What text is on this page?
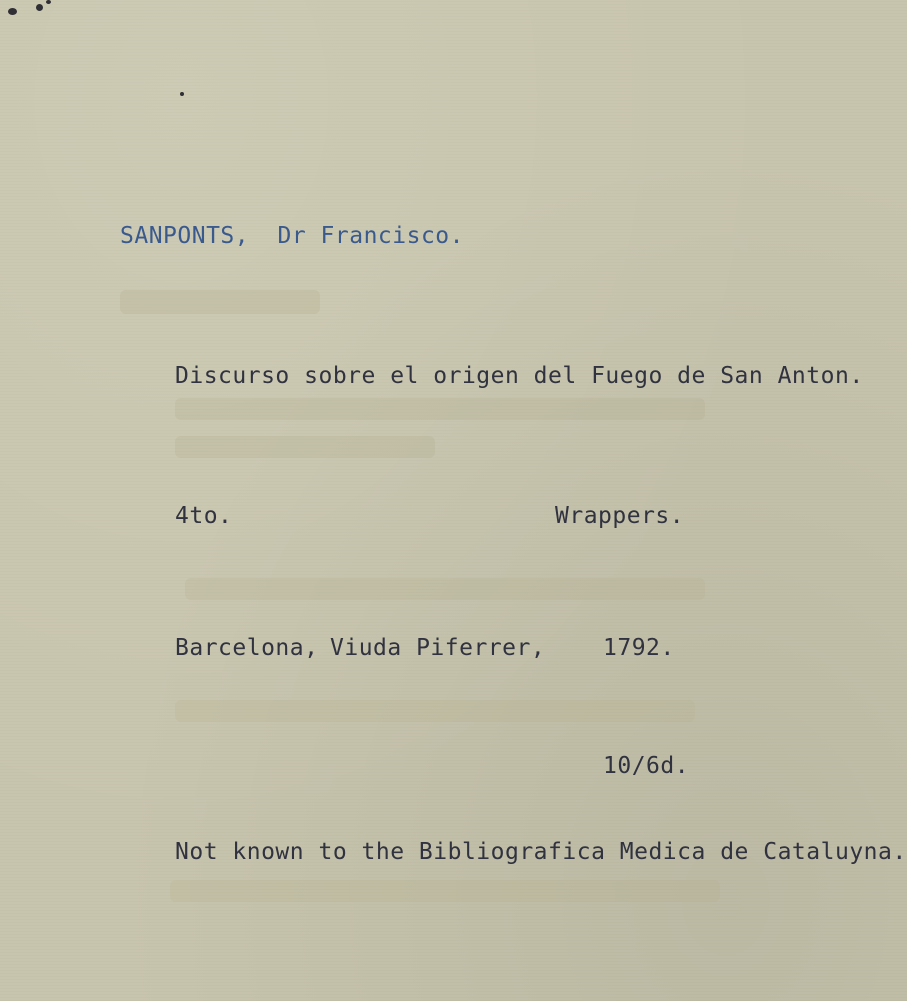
SANPONTS, Dr Francisco.
Discurso sobre el origen del Fuego de San Anton.
4to.	Wrappers.
Barcelona, Viuda Piferrer,	1792.
10/6d.
Not known to the Bibliografica Medica de Cataluyna.
